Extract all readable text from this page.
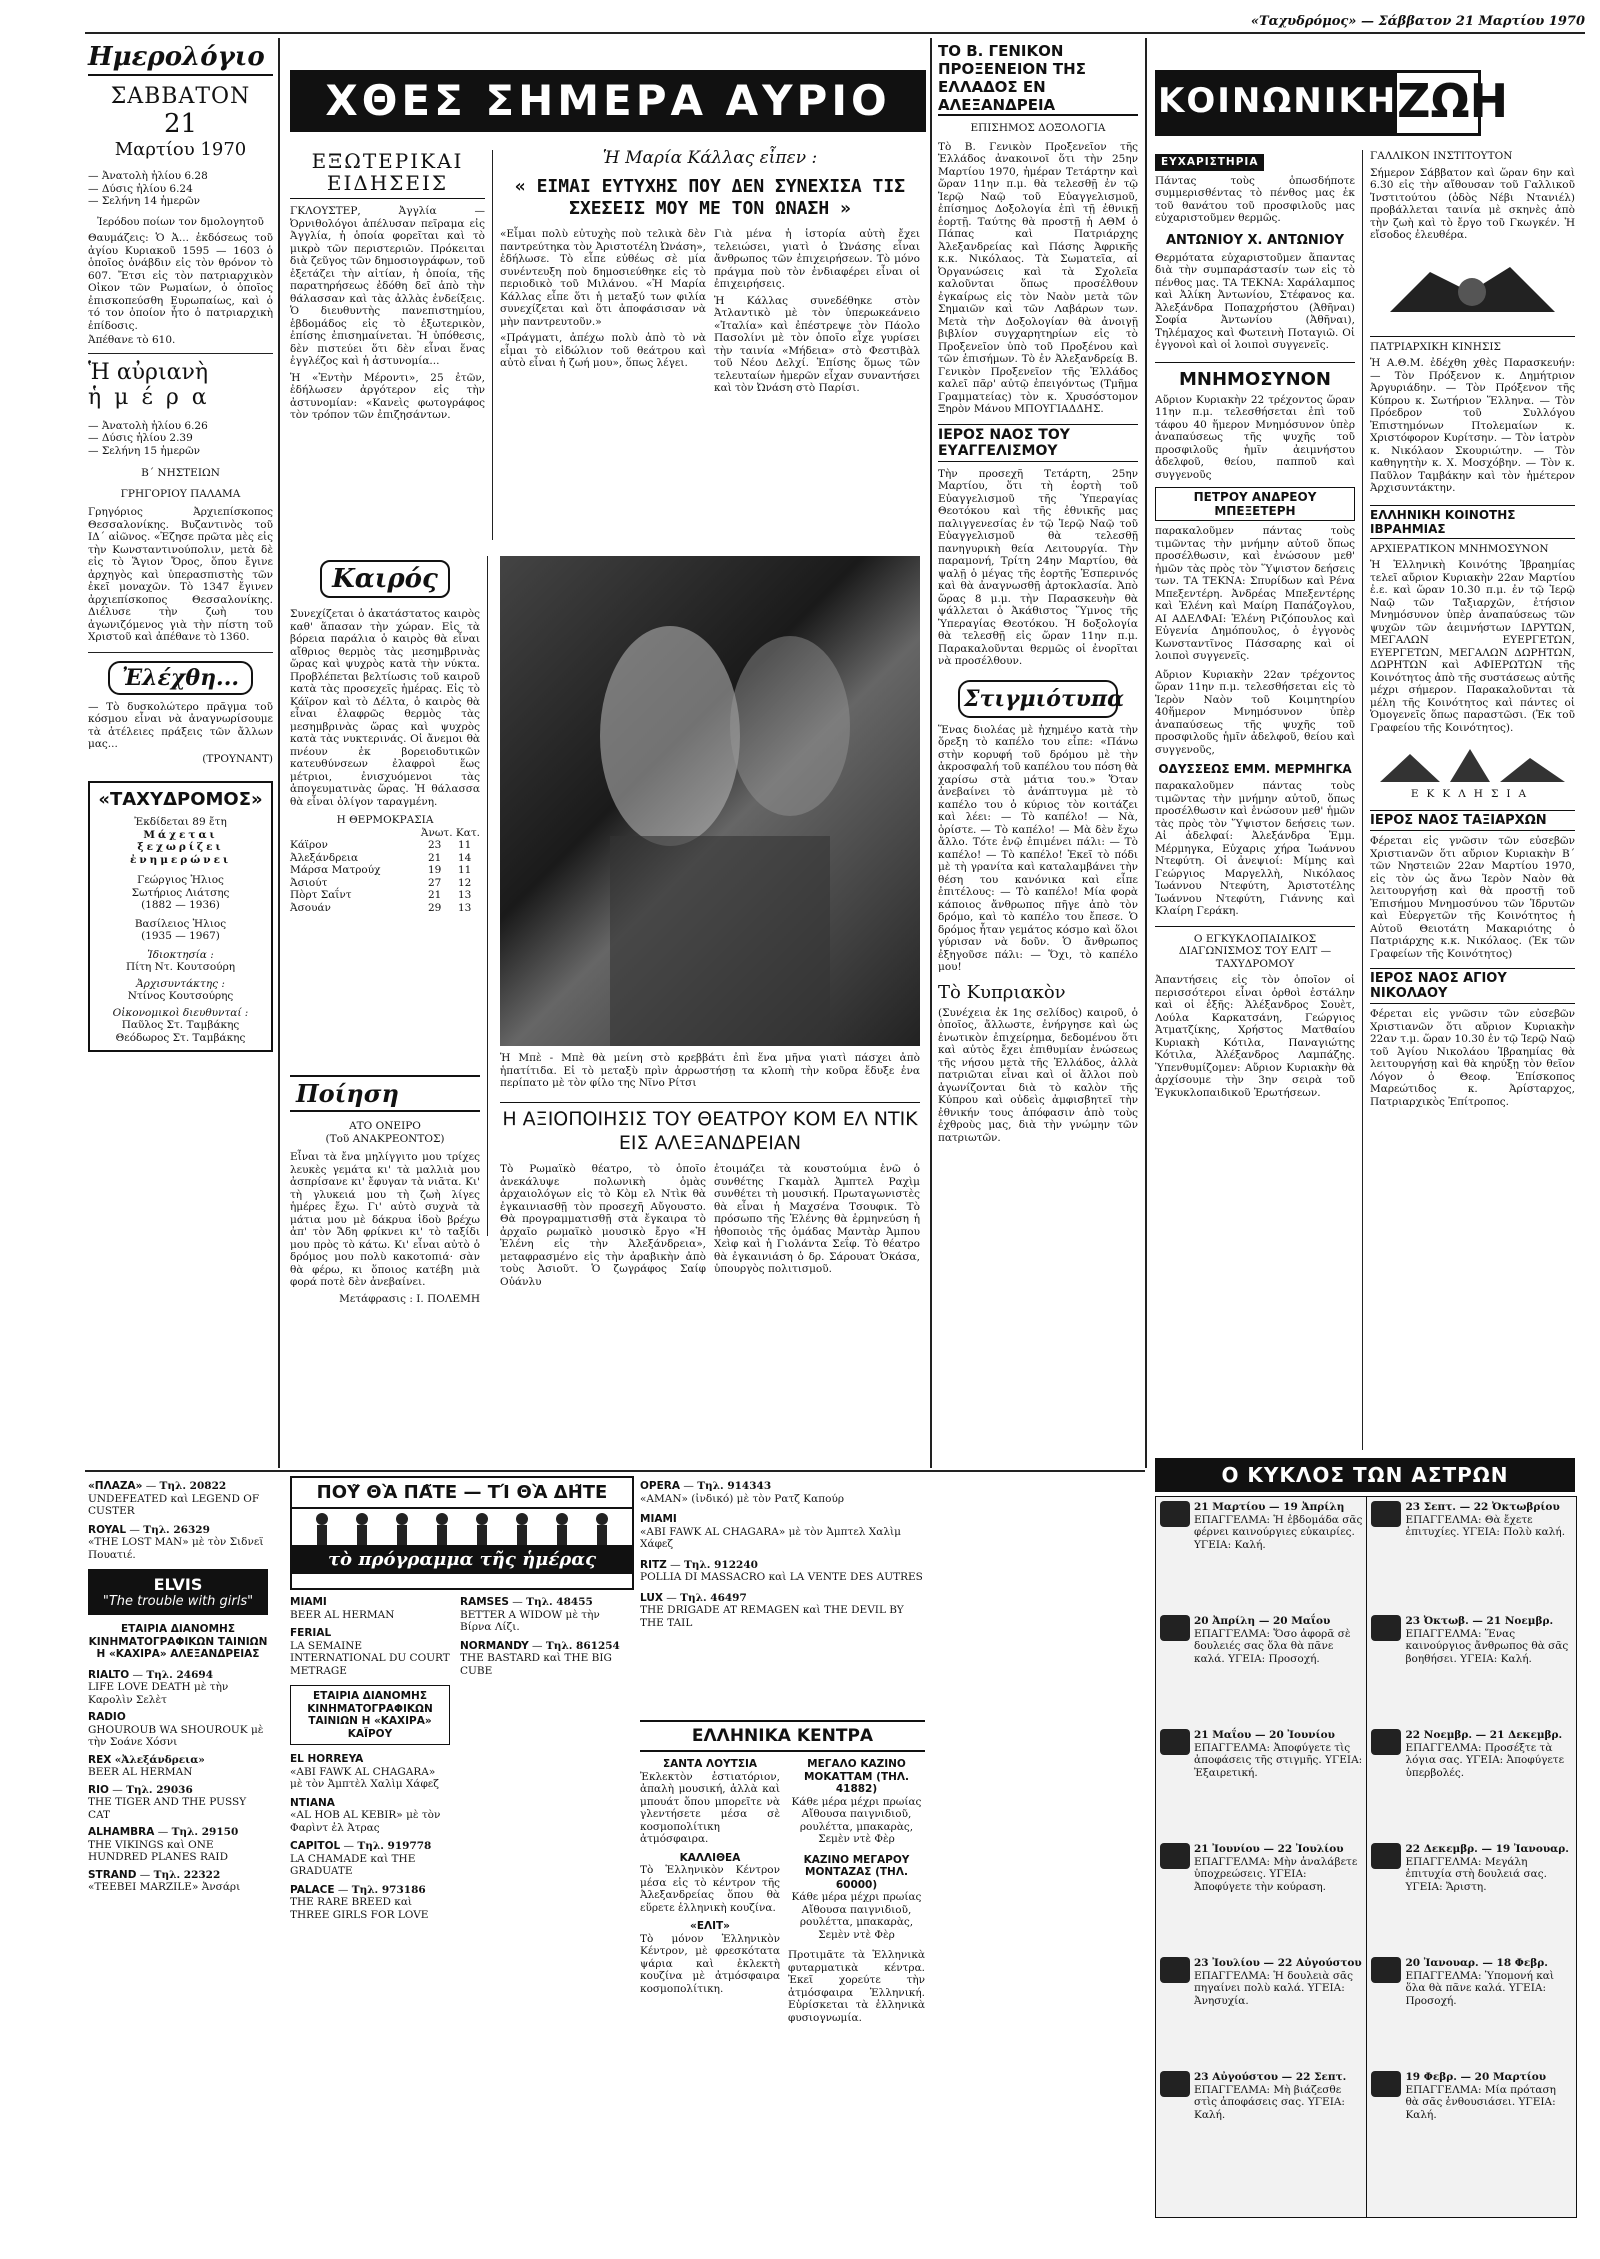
«Ταχυδρόμος» — Σάββατον 21 Μαρτίου 1970
Ημερολόγιο
ΣΑΒΒΑΤΟΝ
21
Μαρτίου 1970
— Ἀνατολὴ ἡλίου 6.28
— Δύσις ἡλίου 6.24
— Σελήνη 14 ἡμερῶν
Ἰερόδου ποίων τον δμολογητοῦ
Θαυμάζεις: Ὁ Ἀ... ἐκδόσεως τοῦ ἁγίου Κυριακοῦ 1595 — 1603 ὁ ὁποῖος ὁνάβδιν εἰς τὸν θρόνον τὸ 607. Ἔτσι εἰς τὸν πατριαρχικὸν Οἰκον τῶν Ρωμαίων, ὁ ὁποῖος ἐπισκοπεύσθη Ευρωπαίως, καὶ ὁ τό τον ὁποίον ἦτο ὁ πατριαρχικὴ ἐπίδοσις.
Ἀπέθανε τὸ 610.
Ἡ αὐριανὴ
ἡ μ έ ρ α
— Ἀνατολὴ ἡλίου 6.26
— Δύσις ἡλίου 2.39
— Σελήνη 15 ἡμερῶν
Β΄ ΝΗΣΤΕΙΩΝ
ΓΡΗΓΟΡΙΟΥ ΠΑΛΑΜΑ
Γρηγόριος Ἀρχιεπίσκοπος Θεσσαλονίκης. Βυζαντινὸς τοῦ ΙΔ΄ αἰῶνος. «Ἐζησε πρῶτα μὲς εἰς τὴν Κωνσταντινούπολιν, μετὰ δὲ εἰς τὸ Ἅγιον Ὄρος, ὅπου ἔγινε ἀρχηγὸς καὶ ὑπερασπιστὴς τῶν ἐκεῖ μοναχῶν. Τὸ 1347 ἔγινεν ἀρχιεπίσκοπος Θεσσαλονίκης. Διέλυσε τὴν ζωὴ του ἀγωνιζόμενος γιὰ τὴν πίστη τοῦ Χριστοῦ καὶ ἀπέθανε τὸ 1360.
Ἐλέχθη...
— Τὸ δυσκολώτερο πρᾶγμα τοῦ κόσμου εἶναι νὰ ἀναγνωρίσουμε τὰ ἀτέλειες πράξεις τῶν ἄλλων μας...
(ΤΡΟΥΝΑΝΤ)
«ΤΑΧΥΔΡΟΜΟΣ»
Ἐκδίδεται 89 ἔτη
Μάχεται
ξεχωρίζει
ἐνημερώνει
Γεώργιος Ἠλιος
Σωτήριος Λιάτσης
(1882 — 1936)
Βασίλειος Ἠλιος
(1935 — 1967)
Ἰδιοκτησία :
Πίτη Ντ. Κουτσούρη
Ἀρχισυντάκτης :
Ντίνος Κουτσούρης
Οἰκονομικοὶ διευθυνταί :
Παῦλος Στ. Ταμβάκης
Θεόδωρος Στ. Ταμβάκης
ΧΘΕΣ ΣΗΜΕΡΑ ΑΥΡΙΟ
ΕΞΩΤΕΡΙΚΑΙ ΕΙΔΗΣΕΙΣ
ΓΚΛΟΥΣΤΕΡ, Ἀγγλία — Ὀρνιθολόγοι ἀπέλυσαν πεῖραμα εἰς Ἀγγλία, ἡ ὁποία φορεῖται καὶ τὸ μικρὸ τῶν περιστεριῶν. Πρόκειται διὰ ζεῦγος τῶν δημοσιογράφων, τοῦ ἐξετάζει τὴν αἰτίαν, ἡ ὁποία, τῆς παρατηρήσεως ἐδόθη δεῖ ἀπὸ τὴν θάλασσαν καὶ τὰς ἀλλὰς ἐνδείξεις. Ὁ διευθυντὴς πανεπιστημίου, ἑβδομάδος εἰς τὸ ἐξωτερικὸν, ἐπίσης ἐπισημαίνεται. Ἡ ὑπόθεσις, δὲν πιστεύει ὅτι δὲν εἶναι ἕνας ἐγγλέζος καὶ ἡ ἀστυνομία...
Ἡ «Ἐντὴν Μέροντι», 25 ἐτῶν, ἐδήλωσεν ἀργότερον εἰς τὴν ἀστυνομίαν: «Κανεὶς φωτογράφος τὸν τρόπον τῶν ἐπιζησάντων.
Ἡ Μαρία Κάλλας εἶπεν :
« ΕΙΜΑΙ ΕΥΤΥΧΗΣ ΠΟΥ ΔΕΝ ΣΥΝΕΧΙΣΑ ΤΙΣ ΣΧΕΣΕΙΣ ΜΟΥ ΜΕ ΤΟΝ ΩΝΑΣΗ »
«Εἶμαι πολὺ εὐτυχὴς ποὺ τελικὰ δὲν παντρεύτηκα τὸν Ἀριστοτέλη Ὠνάση», ἐδήλωσε. Τὸ εἶπε εὐθέως σὲ μία συνέντευξη ποὺ δημοσιεύθηκε εἰς τὸ περιοδικὸ τοῦ Μιλάνου. «Ἡ Μαρία Κάλλας εἶπε ὅτι ἡ μεταξύ των φιλία συνεχίζεται καὶ ὅτι ἀποφάσισαν νὰ μὴν παντρευτοῦν.»
«Πράγματι, ἀπέχω πολὺ ἀπὸ τὸ νὰ εἶμαι τὸ εἰδώλιον τοῦ θεάτρου καὶ αὐτὸ εἶναι ἡ ζωή μου», ὅπως λέγει.
Γιὰ μένα ἡ ἱστορία αὐτὴ ἔχει τελειώσει, γιατὶ ὁ Ὠνάσης εἶναι ἄνθρωπος τῶν ἐπιχειρήσεων. Τὸ μόνο πράγμα ποὺ τὸν ἐνδιαφέρει εἶναι οἱ ἐπιχειρήσεις.
Ἡ Κάλλας συνεδέθηκε στὸν Ἀτλαντικὸ μὲ τὸν ὑπερωκεάνειο «Ἰταλία» καὶ ἐπέστρεψε τὸν Πάολο Πασολίνι μὲ τὸν ὁποῖο εἶχε γυρίσει τὴν ταινία «Μήδεια» στὸ Φεστιβὰλ τοῦ Νέου Δελχί. Ἐπίσης ὅμως τῶν τελευταίων ἡμερῶν εἶχαν συναντήσει καὶ τὸν Ὠνάση στὸ Παρίσι.
Καιρός
Συνεχίζεται ὁ ἀκατάστατος καιρὸς καθ' ἅπασαν τὴν χώραν. Εἰς τὰ βόρεια παράλια ὁ καιρὸς θὰ εἶναι αἴθριος θερμὸς τὰς μεσημβρινὰς ὥρας καὶ ψυχρὸς κατὰ τὴν νύκτα. Προβλέπεται βελτίωσις τοῦ καιροῦ κατὰ τὰς προσεχεῖς ἡμέρας. Εἰς τὸ Κάϊρον καὶ τὸ Δέλτα, ὁ καιρὸς θὰ εἶναι ἐλαφρῶς θερμὸς τὰς μεσημβρινὰς ὥρας καὶ ψυχρὸς κατὰ τὰς νυκτερινάς. Οἱ ἄνεμοι θὰ πνέουν ἐκ βορειοδυτικῶν κατευθύνσεων ἐλαφροὶ ἕως μέτριοι, ἐνισχυόμενοι τὰς ἀπογευματινὰς ὥρας. Ἡ θάλασσα θὰ εἶναι ὀλίγον ταραγμένη.
Η ΘΕΡΜΟΚΡΑΣΙΑ
Ἀνωτ. Κατ.
Κάϊρον	23	11
Ἀλεξάνδρεια	21	14
Μάρσα Ματρούχ	19	11
Ἀσιούτ	27	12
Πὸρτ Σαΐντ	21	13
Ἀσουάν	29	13
Ποίηση
ΑΤΟ ΟΝΕΙΡΟ
(Τοῦ ΑΝΑΚΡΕΟΝΤΟΣ)
Εἶναι τὰ ἔνα μηλίγγιτο μου τρίχες λευκὲς γεμάτα κι' τὰ μαλλιὰ μου ἀσπρίσανε κι' ἔφυγαν τὰ νιᾶτα. Κι' τὴ γλυκειά μου τὴ ζωὴ λίγες ἡμέρες ἔχω. Γι' αὐτὸ συχνὰ τὰ μάτια μου μὲ δάκρυα ἰδοὺ βρέχω ἀπ' τὸν Ἄδη φρίκνει κι' τὸ ταξίδι μου πρὸς τὸ κάτω. Κι' εἶναι αὐτὸ ὁ δρόμος μου πολὺ κακοτοπιά· σὰν θὰ φέρω, κι ὅποιος κατέβη μιὰ φορά ποτὲ δὲν ἀνεβαίνει.
Μετάφρασις : Ι. ΠΟΛΕΜΗ
Ἡ Μπὲ - Μπὲ θὰ μείνη στὸ κρεββάτι ἐπὶ ἕνα μῆνα γιατὶ πάσχει ἀπὸ ἡπατίτιδα. Εἰ τὸ μεταξὺ πρὶν ἀρρωστήσῃ τα κλοπὴ τὴν κοῦρα ἔδυξε ἐνα περίπατο μὲ τὸν φίλο της Νῖνο Ρίτσι
Η ΑΞΙΟΠΟΙΗΣΙΣ ΤΟΥ ΘΕΑΤΡΟΥ ΚΟΜ ΕΛ ΝΤΙΚ ΕΙΣ ΑΛΕΞΑΝΔΡΕΙΑΝ
Τὸ Ρωμαϊκὸ θέατρο, τὸ ὁποῖο ἀνεκάλυψε πολωνικὴ ὁμὰς ἀρχαιολόγων εἰς τὸ Κὸμ ελ Ντὶκ θὰ ἐγκαινιασθῇ τὸν προσεχῆ Αὔγουστο. Θὰ προγραμματισθῇ στὰ ἔγκαιρα τὸ ἀρχαῖο ρωμαϊκὸ μουσικὸ ἔργο «Ἡ Ἑλένη εἰς τὴν Ἀλεξάνδρεια», μεταφρασμένο εἰς τὴν ἀραβικὴν ἀπὸ τοὺς Ἀσιοῦτ. Ὁ ζωγράφος Σαίφ Οὐάνλυ
ἐτοιμάζει τὰ κουστούμια ἐνῶ ὁ συνθέτης Γκαμὰλ Ἀμπτελ Ραχὶμ συνθέτει τὴ μουσική. Πρωταγωνιστὲς θὰ εἶναι ἡ Μαχσένα Τσουφικ. Τὸ πρόσωπο τῆς Ἑλένης θὰ ἑρμηνεύση ἡ ἠθοποιὸς τῆς ὁμάδας Μαντὰρ Ἀμπου Χεὶφ καὶ ἡ Γιολάντα Σεΐφ. Τὸ θέατρο θὰ ἐγκαινιάση ὁ δρ. Σάρουατ Ὀκάσα, ὑπουργὸς πολιτισμοῦ.
ΤΟ Β. ΓΕΝΙΚΟΝ ΠΡΟΞΕΝΕΙΟΝ ΤΗΣ ΕΛΛΑΔΟΣ ΕΝ ΑΛΕΞΑΝΔΡΕΙΑ
ΕΠΙΣΗΜΟΣ ΔΟΞΟΛΟΓΙΑ
Τὸ Β. Γενικὸν Προξενεῖον τῆς Ἑλλάδος ἀνακοινοῖ ὅτι τὴν 25ην Μαρτίου 1970, ἡμέραν Τετάρτην καὶ ὥραν 11ην π.μ. θὰ τελεσθῇ ἐν τῷ Ἱερῷ Ναῷ τοῦ Εὐαγγελισμοῦ, ἐπίσημος Δοξολογία ἐπὶ τῇ ἐθνικῇ ἑορτῇ. Ταύτης θὰ προστῇ ἡ ΑΘΜ ὁ Πάπας καὶ Πατριάρχης Ἀλεξανδρείας καὶ Πάσης Ἀφρικῆς κ.κ. Νικόλαος. Τὰ Σωματεῖα, αἱ Ὀργανώσεις καὶ τὰ Σχολεῖα καλοῦνται ὅπως προσέλθουν ἐγκαίρως εἰς τὸν Ναὸν μετὰ τῶν Σημαιῶν καὶ τῶν Λαβάρων των. Μετὰ τὴν Δοξολογίαν θὰ ἀνοιγῇ βιβλίον συγχαρητηρίων εἰς τὸ Προξενεῖον ὑπὸ τοῦ Προξένου καὶ τῶν ἐπισήμων. Τὸ ἐν Ἀλεξανδρείᾳ Β. Γενικὸν Προξενεῖον τῆς Ἑλλάδος καλεῖ πᾶρ' αὐτῷ ἐπειγόντως (Τμῆμα Γραμματείας) τὸν κ. Χρυσόστομον Ξηρὸν Μάνου ΜΠΟΥΓΙΑΔΔΗΣ.
ΙΕΡΟΣ ΝΑΟΣ ΤΟΥ ΕΥΑΓΓΕΛΙΣΜΟΥ
Τὴν προσεχῆ Τετάρτη, 25ην Μαρτίου, ὅτι τὴ ἑορτὴ τοῦ Εὐαγγελισμοῦ τῆς Ὑπεραγίας Θεοτόκου καὶ τῆς ἐθνικῆς μας παλιγγενεσίας ἐν τῷ Ἱερῷ Ναῷ τοῦ Εὐαγγελισμοῦ θὰ τελεσθῇ πανηγυρικὴ θεία Λειτουργία. Τὴν παραμονή, Τρίτη 24ην Μαρτίου, θὰ ψαλῇ ὁ μέγας τῆς ἑορτῆς Ἑσπερινός καὶ θὰ ἀναγνωσθῇ ἀρτοκλασία. Ἀπὸ ὥρας 8 μ.μ. τὴν Παρασκευὴν θὰ ψάλλεται ὁ Ἀκάθιστος Ὕμνος τῆς Ὑπεραγίας Θεοτόκου. Ἡ δοξολογία θὰ τελεσθῇ εἰς ὥραν 11ην π.μ. Παρακαλοῦνται θερμῶς οἱ ἐνορῖται νὰ προσέλθουν.
Στιγμιότυπα
Ἕνας διολέας μὲ ἡχημένο κατὰ τὴν ὅρεξη τὸ καπέλο του εἶπε: «Πάνω στὴν κορυφή τοῦ δρόμου μὲ τὴν ἀκροσφαλή τοῦ καπέλου του πόση θὰ χαρίσω στὰ μάτια του.» Ὅταν ἀνεβαίνει τὸ ἀνάπτυγμα μὲ τὸ καπέλο του ὁ κύριος τὸν κοιτάζει καὶ λέει: — Τὸ καπέλο! — Νὰ, ὁρίστε. — Τὸ καπέλο! — Μὰ δὲν ἔχω ἄλλο. Τότε ἐνῷ ἐπιμένει πάλι: — Τὸ καπέλο! — Τὸ καπέλο! Ἐκεῖ τὸ πόδι μὲ τὴ γρανίτα καὶ καταλαμβάνει τὴν θέση του κανόνικα καὶ εἶπε ἐπιτέλους: — Τὸ καπέλο! Μία φορὰ κάποιος ἄνθρωπος πῆγε ἀπὸ τὸν δρόμο, καὶ τὸ καπέλο του ἔπεσε. Ὁ δρόμος ἦταν γεμάτος κόσμο καὶ ὅλοι γύρισαν νὰ δοῦν. Ὁ ἄνθρωπος ἐξηγοῦσε πάλι: — Ὅχι, τὸ καπέλο μου!
Τὸ Κυπριακὸν
(Συνέχεια ἐκ 1ης σελίδος) καιροῦ, ὁ ὁποῖος, ἄλλωστε, ἐνήργησε καὶ ὡς ἐνωτικὸν ἐπιχείρημα, δεδομένου ὅτι καὶ αὐτὸς ἔχει ἐπιθυμίαν ἐνώσεως τῆς νήσου μετὰ τῆς Ἑλλάδος, ἀλλὰ πατριῶται εἶναι καὶ οἱ ἄλλοι ποὺ ἀγωνίζονται διὰ τὸ καλὸν τῆς Κύπρου καὶ οὐδεὶς ἀμφισβητεῖ τὴν ἐθνικήν τους ἀπόφασιν ἀπὸ τοὺς ἐχθροὺς μας, διὰ τὴν γνώμην τῶν πατριωτῶν.
ΚΟΙΝΩΝΙΚΗ ΖΩΗ
ΕΥΧΑΡΙΣΤΗΡΙΑ
Πάντας τοὺς ὁπωσδήποτε συμμερισθέντας τὸ πένθος μας ἐκ τοῦ θανάτου τοῦ προσφιλοῦς μας εὐχαριστοῦμεν θερμῶς.
ΑΝΤΩΝΙΟΥ Χ. ΑΝΤΩΝΙΟΥ
Θερμότατα εὐχαριστοῦμεν ἅπαντας διὰ τὴν συμπαράστασίν των εἰς τὸ πένθος μας. ΤΑ ΤΕΚΝΑ: Χαράλαμπος καὶ Ἀλίκη Ἀντωνίου, Στέφανος κα. Ἀλεξάνδρα Ποπαχρήστου (Ἀθῆναι) Σοφία Ἀντωνίου (Ἀθῆναι), Τηλέμαχος καὶ Φωτεινὴ Ποταγιῶ. Οἱ ἐγγονοὶ καὶ οἱ λοιποὶ συγγενεῖς.
ΜΝΗΜΟΣΥΝΟΝ
Αὔριον Κυριακὴν 22 τρέχοντος ὥραν 11ην π.μ. τελεσθήσεται ἐπὶ τοῦ τάφου 40 ἥμερον Μνημόσυνον ὑπὲρ ἀναπαύσεως τῆς ψυχῆς τοῦ προσφιλοῦς ἡμῖν ἀειμνήστου ἀδελφοῦ, θείου, παπποῦ καὶ συγγενοῦς
ΠΕΤΡΟΥ ΑΝΔΡΕΟΥ ΜΠΕΞΕΤΕΡΗ
παρακαλοῦμεν πάντας τοὺς τιμῶντας τὴν μνήμην αὐτοῦ ὅπως προσέλθωσιν, καὶ ἑνώσουν μεθ' ἡμῶν τὰς πρὸς τὸν Ὕψιστον δεήσεις των. ΤΑ ΤΕΚΝΑ: Σπυρίδων καὶ Ρένα Μπεξεντέρη. Ἀνδρέας Μπεξεντέρης καὶ Ἑλένη καὶ Μαίρη Παπάζογλου, ΑΙ ΑΔΕΛΦΑΙ: Ἑλένη Ριζόπουλος καὶ Εὐγενία Δημόπουλος, ὁ ἐγγονὸς Κωνσταντῖνος Πάσσαρης καὶ οἱ λοιποὶ συγγενεῖς.
Αὔριον Κυριακὴν 22αν τρέχοντος ὥραν 11ην π.μ. τελεσθήσεται εἰς τὸ Ἱερὸν Ναὸν τοῦ Κοιμητηρίου 40ἥμερον Μνημόσυνον ὑπὲρ ἀναπαύσεως τῆς ψυχῆς τοῦ προσφιλοῦς ἡμῖν ἀδελφοῦ, θείου καὶ συγγενοῦς,
ΟΔΥΣΣΕΩΣ ΕΜΜ. ΜΕΡΜΗΓΚΑ
παρακαλοῦμεν πάντας τοὺς τιμῶντας τὴν μνήμην αὐτοῦ, ὅπως προσέλθωσιν καὶ ἑνώσουν μεθ' ἡμῶν τὰς πρὸς τὸν Ὕψιστον δεήσεις των. Αἱ ἀδελφαί: Ἀλεξάνδρα Ἐμμ. Μέρμηγκα, Εὐχαρις χήρα Ἰωάννου Ντεφύτη. Οἱ ἀνεψιοί: Μίμης καὶ Γεώργιος Μαργελλὴ, Νικόλαος Ἰωάννου Ντεφύτη, Ἀριστοτέλης Ἰωάννου Ντεφύτη, Γιάννης καὶ Κλαίρη Γεράκη.
Ο ΕΓΚΥΚΛΟΠΑΙΔΙΚΟΣ ΔΙΑΓΩΝΙΣΜΟΣ ΤΟΥ ΕΛΙΤ — ΤΑΧΥΔΡΟΜΟΥ
Ἀπαντήσεις εἰς τὸν ὁποῖον οἱ περισσότεροι εἶναι ὀρθοὶ ἐστάλην καὶ οἱ ἑξῆς: Ἀλέξανδρος Σουὲτ, Λούλα Καρκατσάνη, Γεώργιος Ἀτματζίκης, Χρήστος Ματθαίου Κυριακὴ Κότιλα, Παναγιώτης Κότιλα, Ἀλέξανδρος Λαμπάζης. Ὑπενθυμίζομεν: Αὔριον Κυριακὴν θὰ ἀρχίσουμε τὴν 3ην σειρὰ τοῦ Ἐγκυκλοπαιδικοῦ Ἐρωτήσεων.
ΓΑΛΛΙΚΟΝ ΙΝΣΤΙΤΟΥΤΟΝ
Σήμερον Σάββατον καὶ ὥραν 6ην καὶ 6.30 εἰς τὴν αἴθουσαν τοῦ Γαλλικοῦ Ἰνστιτούτου (ὁδὸς Νέβι Ντανιέλ) προβάλλεται ταινία μὲ σκηνὲς ἀπὸ τὴν ζωὴ καὶ τὸ ἔργο τοῦ Γκωγκέν. Ἡ εἴσοδος ἐλευθέρα.
ΠΑΤΡΙΑΡΧΙΚΗ ΚΙΝΗΣΙΣ
Ἡ Α.Θ.Μ. ἐδέχθη χθὲς Παρασκευήν: — Τὸν Πρόξενον κ. Δημήτριον Ἀργυριάδην. — Τὸν Πρόξενον τῆς Κύπρου κ. Σωτήριον Ἕλληνα. — Τὸν Πρόεδρον τοῦ Συλλόγου Ἐπιστημόνων Πτολεμαίων κ. Χριστόφορον Κυρίτσην. — Τὸν ἰατρὸν κ. Νικόλαον Σκουριώτην. — Τὸν καθηγητὴν κ. Χ. Μοσχόβην. — Τὸν κ. Παῦλον Ταμβάκην καὶ τὸν ἡμέτερον Ἀρχισυντάκτην.
ΕΛΛΗΝΙΚΗ ΚΟΙΝΟΤΗΣ ΙΒΡΑΗΜΙΑΣ
ΑΡΧΙΕΡΑΤΙΚΟΝ ΜΝΗΜΟΣΥΝΟΝ
Ἡ Ἑλληνικὴ Κοινότης Ἰβραημίας τελεῖ αὔριον Κυριακὴν 22αν Μαρτίου ἐ.ε. καὶ ὥραν 10.30 π.μ. ἐν τῷ Ἱερῷ Ναῷ τῶν Ταξιαρχῶν, ἐτήσιον Μνημόσυνον ὑπὲρ ἀναπαύσεως τῶν ψυχῶν τῶν ἀειμνήστων ΙΔΡΥΤΩΝ, ΜΕΓΑΛΩΝ ΕΥΕΡΓΕΤΩΝ, ΕΥΕΡΓΕΤΩΝ, ΜΕΓΑΛΩΝ ΔΩΡΗΤΩΝ, ΔΩΡΗΤΩΝ καὶ ΑΦΙΕΡΩΤΩΝ τῆς Κοινότητος ἀπὸ τῆς συστάσεως αὐτῆς μέχρι σήμερον. Παρακαλοῦνται τὰ μέλη τῆς Κοινότητος καὶ πάντες οἱ Ὁμογενεῖς ὅπως παραστῶσι. (Ἐκ τοῦ Γραφείου τῆς Κοινότητος).
ΕΚΚΛΗΣΙΑ
ΙΕΡΟΣ ΝΑΟΣ ΤΑΞΙΑΡΧΩΝ
Φέρεται εἰς γνῶσιν τῶν εὐσεβῶν Χριστιανῶν ὅτι αὔριον Κυριακὴν Β΄ τῶν Νηστειῶν 22αν Μαρτίου 1970, εἰς τὸν ὡς ἄνω Ἱερὸν Ναὸν θὰ λειτουργήσῃ καὶ θὰ προστῇ τοῦ Ἐπισήμου Μνημοσύνου τῶν Ἱδρυτῶν καὶ Εὐεργετῶν τῆς Κοινότητος ἡ Αὐτοῦ Θειοτάτη Μακαριότης ὁ Πατριάρχης κ.κ. Νικόλαος. (Ἐκ τῶν Γραφείων τῆς Κοινότητος)
ΙΕΡΟΣ ΝΑΟΣ ΑΓΙΟΥ ΝΙΚΟΛΑΟΥ
Φέρεται εἰς γνῶσιν τῶν εὐσεβῶν Χριστιανῶν ὅτι αὔριον Κυριακὴν 22αν τ.μ. ὥραν 10.30 ἐν τῷ Ἱερῷ Ναῷ τοῦ Ἁγίου Νικολάου Ἰβραημίας θὰ λειτουργήσῃ καὶ θὰ κηρύξῃ τὸν θεῖον Λόγον ὁ Θεοφ. Ἐπίσκοπος Μαρεώτιδος κ. Ἀρίσταρχος, Πατριαρχικὸς Ἐπίτροπος.
«ΠΛΑΖΑ» — Τηλ. 20822
UNDEFEATED καὶ LEGEND OF CUSTER
ROYAL — Τηλ. 26329
«THE LOST MAN» μὲ τὸν Σιδνεϊ Πουατιέ.
ELVIS
"The trouble with girls"
ΕΤΑΙΡΙΑ ΔΙΑΝΟΜΗΣ ΚΙΝΗΜΑΤΟΓΡΑΦΙΚΩΝ ΤΑΙΝΙΩΝ Η «ΚΑΧΙΡΑ» ΑΛΕΞΑΝΔΡΕΙΑΣ
RIALTO — Τηλ. 24694
LIFE LOVE DEATH μὲ τὴν Καρολὶν Σελὲτ
RADIO
GHOUROUB WA SHOUROUK μὲ τὴν Σοάνε Χόσνι
REX «Ἀλεξάνδρεια»
BEER AL HERMAN
RIO — Τηλ. 29036
THE TIGER AND THE PUSSY CAT
ALHAMBRA — Τηλ. 29150
THE VIKINGS καὶ ONE HUNDRED PLANES RAID
STRAND — Τηλ. 22322
«ΤΕΕΒΕΙ MARZILE» Ἀνσάρι
ΠΟΥ͂ ΘᾺ ΠΑ͂ΤΕ — ΤΊ ΘᾺ ΔΗ͂ΤΕ
τὸ πρόγραμμα τῆς ἡμέρας
ΜΙΑΜΙ
BEER AL HERMAN
FERIAL
LA SEMAINE INTERNATIONAL DU COURT METRAGE
ΕΤΑΙΡΙΑ ΔΙΑΝΟΜΗΣ ΚΙΝΗΜΑΤΟΓΡΑΦΙΚΩΝ ΤΑΙΝΙΩΝ Η «ΚΑΧΙΡΑ» ΚΑΪΡΟΥ
EL HORREYA
«ABI FAWK AL CHAGARA» μὲ τὸν Ἀμπτὲλ Χαλὶμ Χάφεζ
ΝΤΙΑΝΑ
«AL HOB AL KEBIR» μὲ τὸν Φαρὶντ ἐλ Ἀτρας
CAPITOL — Τηλ. 919778
LA CHAMADE καὶ THE GRADUATE
PALACE — Τηλ. 973186
THE RARE BREED καὶ THREE GIRLS FOR LOVE
RAMSES — Τηλ. 48455
BETTER A WIDOW μὲ τὴν Βίρνα Λίζι.
NORMANDY — Τηλ. 861254
THE BASTARD καὶ THE BIG CUBE
OPERA — Τηλ. 914343
«AMAN» (ἰνδικό) μὲ τὸν Ρατζ Καπούρ
ΜΙΑΜΙ
«ABI FAWK AL CHAGARA» μὲ τὸν Ἀμπτελ Χαλὶμ Χάφεζ
RITZ — Τηλ. 912240
POLLIA DI MASSACRO καὶ LA VENTE DES AUTRES
LUX — Τηλ. 46497
THE DRIGADE AT REMAGEN καὶ THE DEVIL BY THE TAIL
ΕΛΛΗΝΙΚΑ ΚΕΝΤΡΑ
ΣΑΝΤΑ ΛΟΥΤΣΙΑ
Ἐκλεκτὸν ἑστιατόριον, ἀπαλὴ μουσική, ἀλλὰ καὶ μπουάτ ὅπου μπορεῖτε νὰ γλεντήσετε μέσα σὲ κοσμοπολίτικη ἀτμόσφαιρα.
ΚΑΛΛΙΘΕΑ
Τὸ Ἑλληνικὸν Κέντρον μέσα εἰς τὸ κέντρον τῆς Ἀλεξανδρείας ὅπου θὰ εὕρετε ἑλληνικὴ κουζίνα.
«ΕΛΙΤ»
Τὸ μόνον Ἑλληνικὸν Κέντρον, μὲ φρεσκότατα ψάρια καὶ ἐκλεκτὴ κουζίνα μὲ ἀτμόσφαιρα κοσμοπολίτικη.
ΜΕΓΑΛΟ ΚΑΖΙΝΟ ΜΟΚΑΤΤΑΜ (ΤΗΛ. 41882)
Κάθε μέρα μέχρι πρωίας Αἴθουσα παιγνιδιοῦ, ρουλέττα, μπακαρὰς, Σεμὲν ντὲ Φὲρ
ΚΑΖΙΝΟ ΜΕΓΑΡΟΥ ΜΟΝΤΑΖΑΣ (ΤΗΛ. 60000)
Κάθε μέρα μέχρι πρωίας Αἴθουσα παιγνιδιοῦ, ρουλέττα, μπακαρὰς, Σεμὲν ντὲ Φὲρ
Προτιμᾶτε τὰ Ἑλληνικὰ φυταρματικὰ κέντρα. Ἐκεῖ χορεύτε τὴν ἀτμόσφαιρα Ἑλληνική. Εὑρίσκεται τὰ ἑλληνικὰ φυσιογνωμία.
Ο ΚΥΚΛΟΣ ΤΩΝ ΑΣΤΡΩΝ
21 Μαρτίου — 19 Ἀπρίλη
ΕΠΑΓΓΕΛΜΑ: Ἡ ἐβδομάδα σᾶς φέρνει καινούργιες εὐκαιρίες. ΥΓΕΙΑ: Καλή.
20 Ἀπρίλη — 20 Μαΐου
ΕΠΑΓΓΕΛΜΑ: Ὅσο ἀφορᾶ σὲ δουλειές σας ὅλα θὰ πᾶνε καλά. ΥΓΕΙΑ: Προσοχή.
21 Μαΐου — 20 Ἰουνίου
ΕΠΑΓΓΕΛΜΑ: Ἀποφύγετε τὶς ἀποφάσεις τῆς στιγμῆς. ΥΓΕΙΑ: Ἐξαιρετική.
21 Ἰουνίου — 22 Ἰουλίου
ΕΠΑΓΓΕΛΜΑ: Μὴν ἀναλάβετε ὑποχρεώσεις. ΥΓΕΙΑ: Ἀποφύγετε τὴν κούραση.
23 Ἰουλίου — 22 Αὐγούστου
ΕΠΑΓΓΕΛΜΑ: Ἡ δουλειὰ σᾶς πηγαίνει πολὺ καλά. ΥΓΕΙΑ: Ἀνησυχία.
23 Αὐγούστου — 22 Σεπτ.
ΕΠΑΓΓΕΛΜΑ: Μὴ βιάζεσθε στὶς ἀποφάσεις σας. ΥΓΕΙΑ: Καλή.
23 Σεπτ. — 22 Ὀκτωβρίου
ΕΠΑΓΓΕΛΜΑ: Θὰ ἔχετε ἐπιτυχίες. ΥΓΕΙΑ: Πολὺ καλή.
23 Ὀκτωβ. — 21 Νοεμβρ.
ΕΠΑΓΓΕΛΜΑ: Ἕνας καινούργιος ἄνθρωπος θὰ σᾶς βοηθήσει. ΥΓΕΙΑ: Καλή.
22 Νοεμβρ. — 21 Δεκεμβρ.
ΕΠΑΓΓΕΛΜΑ: Προσέξτε τὰ λόγια σας. ΥΓΕΙΑ: Ἀποφύγετε ὑπερβολές.
22 Δεκεμβρ. — 19 Ἰανουαρ.
ΕΠΑΓΓΕΛΜΑ: Μεγάλη ἐπιτυχία στὴ δουλειά σας. ΥΓΕΙΑ: Ἄριστη.
20 Ἰανουαρ. — 18 Φεβρ.
ΕΠΑΓΓΕΛΜΑ: Ὑπομονή καὶ ὅλα θὰ πᾶνε καλά. ΥΓΕΙΑ: Προσοχή.
19 Φεβρ. — 20 Μαρτίου
ΕΠΑΓΓΕΛΜΑ: Μία πρόταση θὰ σᾶς ἐνθουσιάσει. ΥΓΕΙΑ: Καλή.
